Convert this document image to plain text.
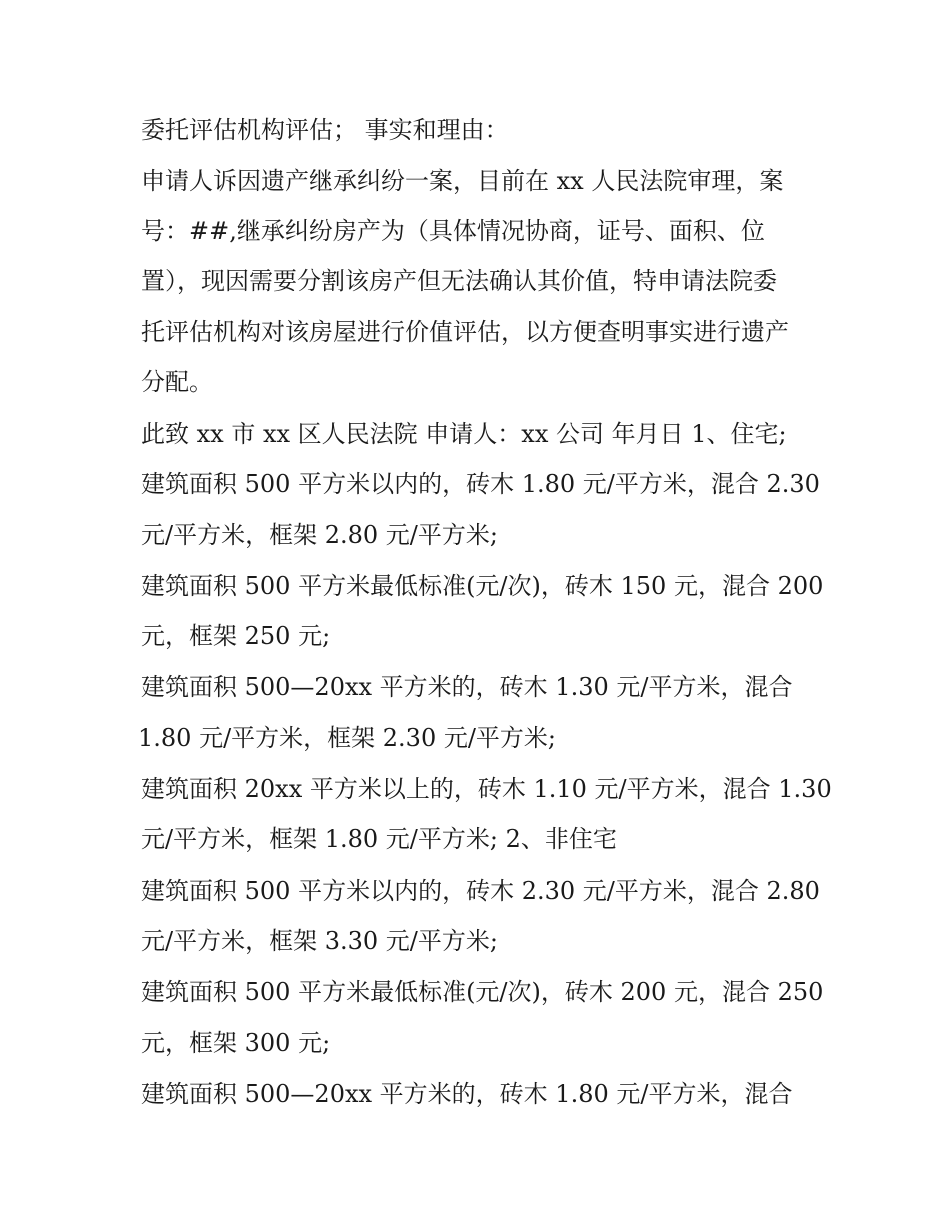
委托评估机构评估； 事实和理由：
申请人诉因遗产继承纠纷一案，目前在 xx 人民法院审理，案
号：##,继承纠纷房产为（具体情况协商，证号、面积、位
置），现因需要分割该房产但无法确认其价值，特申请法院委
托评估机构对该房屋进行价值评估，以方便查明事实进行遗产
分配。
此致 xx 市 xx 区人民法院 申请人：xx 公司 年月日 1、住宅;
建筑面积 500 平方米以内的，砖木 1.80 元/平方米，混合 2.30
元/平方米，框架 2.80 元/平方米;
建筑面积 500 平方米最低标准(元/次)，砖木 150 元，混合 200
元，框架 250 元;
建筑面积 500—20xx 平方米的，砖木 1.30 元/平方米，混合
1.80 元/平方米，框架 2.30 元/平方米;
建筑面积 20xx 平方米以上的，砖木 1.10 元/平方米，混合 1.30
元/平方米，框架 1.80 元/平方米; 2、非住宅
建筑面积 500 平方米以内的，砖木 2.30 元/平方米，混合 2.80
元/平方米，框架 3.30 元/平方米;
建筑面积 500 平方米最低标准(元/次)，砖木 200 元，混合 250
元，框架 300 元;
建筑面积 500—20xx 平方米的，砖木 1.80 元/平方米，混合
